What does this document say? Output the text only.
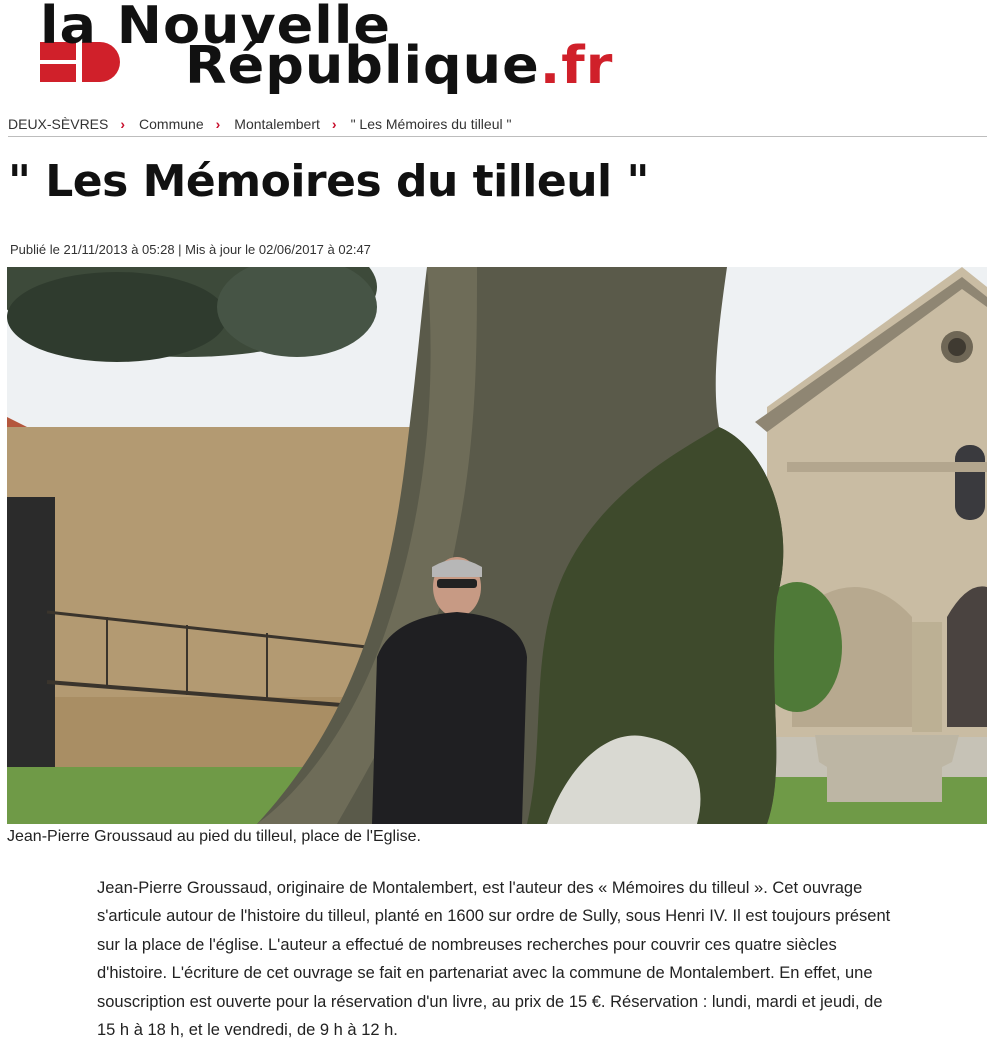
la Nouvelle
République.fr
DEUX-SÈVRES › Commune › Montalembert › " Les Mémoires du tilleul "
" Les Mémoires du tilleul "
Publié le 21/11/2013 à 05:28 | Mis à jour le 02/06/2017 à 02:47
Jean-Pierre Groussaud au pied du tilleul, place de l'Eglise.

Jean-Pierre Groussaud, originaire de Montalembert, est l'auteur des « Mémoires du tilleul ». Cet ouvrage s'articule autour de l'histoire du tilleul, planté en 1600 sur ordre de Sully, sous Henri IV. Il est toujours présent sur la place de l'église. L'auteur a effectué de nombreuses recherches pour couvrir ces quatre siècles d'histoire. L'écriture de cet ouvrage se fait en partenariat avec la commune de Montalembert. En effet, une souscription est ouverte pour la réservation d'un livre, au prix de 15 €. Réservation : lundi, mardi et jeudi, de 15 h à 18 h, et le vendredi, de 9 h à 12 h.
